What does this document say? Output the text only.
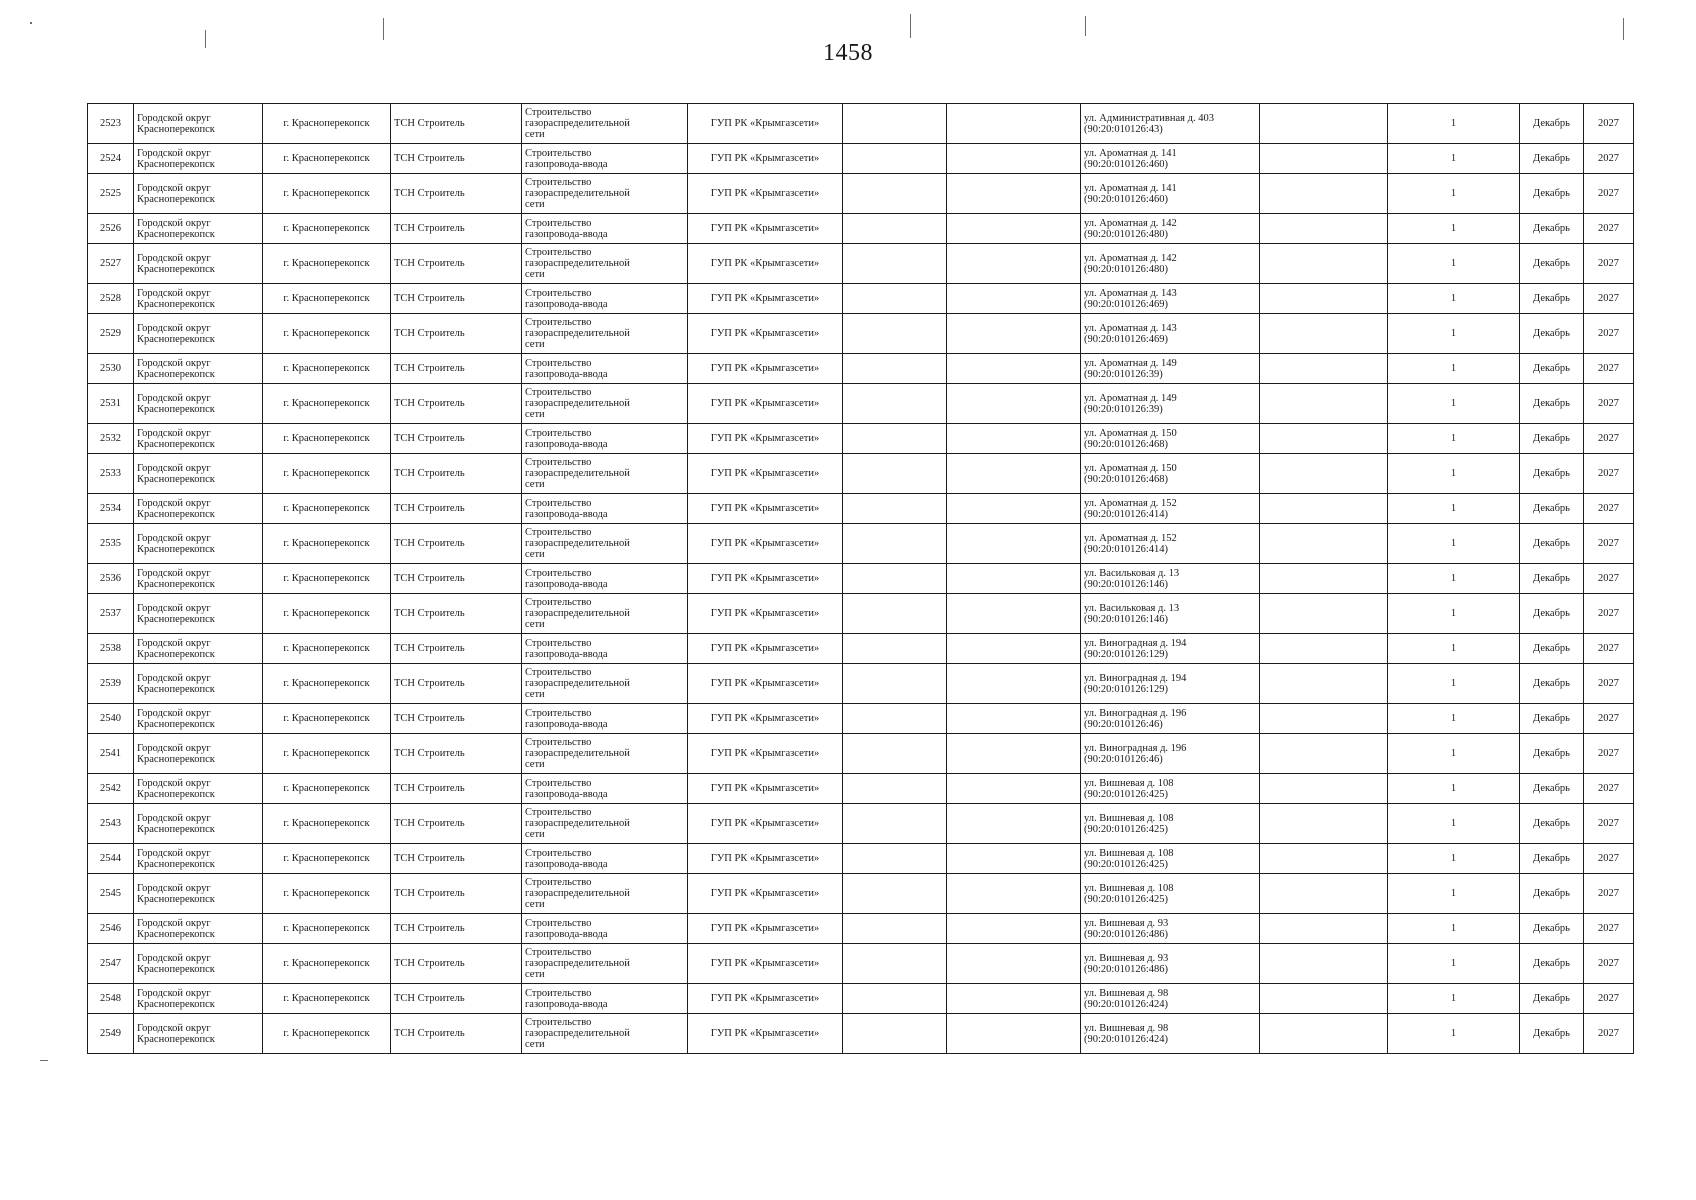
1458
2523	Городской округ
Красноперекопск	г. Красноперекопск	ТСН Строитель	Строительство
газораспределительной
сети	ГУП РК «Крымгазсети»			ул. Административная д. 403
(90:20:010126:43)		1	Декабрь	2027
2524	Городской округ
Красноперекопск	г. Красноперекопск	ТСН Строитель	Строительство
газопровода-ввода	ГУП РК «Крымгазсети»			ул. Ароматная д. 141
(90:20:010126:460)		1	Декабрь	2027
2525	Городской округ
Красноперекопск	г. Красноперекопск	ТСН Строитель	Строительство
газораспределительной
сети	ГУП РК «Крымгазсети»			ул. Ароматная д. 141
(90:20:010126:460)		1	Декабрь	2027
2526	Городской округ
Красноперекопск	г. Красноперекопск	ТСН Строитель	Строительство
газопровода-ввода	ГУП РК «Крымгазсети»			ул. Ароматная д. 142
(90:20:010126:480)		1	Декабрь	2027
2527	Городской округ
Красноперекопск	г. Красноперекопск	ТСН Строитель	Строительство
газораспределительной
сети	ГУП РК «Крымгазсети»			ул. Ароматная д. 142
(90:20:010126:480)		1	Декабрь	2027
2528	Городской округ
Красноперекопск	г. Красноперекопск	ТСН Строитель	Строительство
газопровода-ввода	ГУП РК «Крымгазсети»			ул. Ароматная д. 143
(90:20:010126:469)		1	Декабрь	2027
2529	Городской округ
Красноперекопск	г. Красноперекопск	ТСН Строитель	Строительство
газораспределительной
сети	ГУП РК «Крымгазсети»			ул. Ароматная д. 143
(90:20:010126:469)		1	Декабрь	2027
2530	Городской округ
Красноперекопск	г. Красноперекопск	ТСН Строитель	Строительство
газопровода-ввода	ГУП РК «Крымгазсети»			ул. Ароматная д. 149
(90:20:010126:39)		1	Декабрь	2027
2531	Городской округ
Красноперекопск	г. Красноперекопск	ТСН Строитель	Строительство
газораспределительной
сети	ГУП РК «Крымгазсети»			ул. Ароматная д. 149
(90:20:010126:39)		1	Декабрь	2027
2532	Городской округ
Красноперекопск	г. Красноперекопск	ТСН Строитель	Строительство
газопровода-ввода	ГУП РК «Крымгазсети»			ул. Ароматная д. 150
(90:20:010126:468)		1	Декабрь	2027
2533	Городской округ
Красноперекопск	г. Красноперекопск	ТСН Строитель	Строительство
газораспределительной
сети	ГУП РК «Крымгазсети»			ул. Ароматная д. 150
(90:20:010126:468)		1	Декабрь	2027
2534	Городской округ
Красноперекопск	г. Красноперекопск	ТСН Строитель	Строительство
газопровода-ввода	ГУП РК «Крымгазсети»			ул. Ароматная д. 152
(90:20:010126:414)		1	Декабрь	2027
2535	Городской округ
Красноперекопск	г. Красноперекопск	ТСН Строитель	Строительство
газораспределительной
сети	ГУП РК «Крымгазсети»			ул. Ароматная д. 152
(90:20:010126:414)		1	Декабрь	2027
2536	Городской округ
Красноперекопск	г. Красноперекопск	ТСН Строитель	Строительство
газопровода-ввода	ГУП РК «Крымгазсети»			ул. Васильковая д. 13
(90:20:010126:146)		1	Декабрь	2027
2537	Городской округ
Красноперекопск	г. Красноперекопск	ТСН Строитель	Строительство
газораспределительной
сети	ГУП РК «Крымгазсети»			ул. Васильковая д. 13
(90:20:010126:146)		1	Декабрь	2027
2538	Городской округ
Красноперекопск	г. Красноперекопск	ТСН Строитель	Строительство
газопровода-ввода	ГУП РК «Крымгазсети»			ул. Виноградная д. 194
(90:20:010126:129)		1	Декабрь	2027
2539	Городской округ
Красноперекопск	г. Красноперекопск	ТСН Строитель	Строительство
газораспределительной
сети	ГУП РК «Крымгазсети»			ул. Виноградная д. 194
(90:20:010126:129)		1	Декабрь	2027
2540	Городской округ
Красноперекопск	г. Красноперекопск	ТСН Строитель	Строительство
газопровода-ввода	ГУП РК «Крымгазсети»			ул. Виноградная д. 196
(90:20:010126:46)		1	Декабрь	2027
2541	Городской округ
Красноперекопск	г. Красноперекопск	ТСН Строитель	Строительство
газораспределительной
сети	ГУП РК «Крымгазсети»			ул. Виноградная д. 196
(90:20:010126:46)		1	Декабрь	2027
2542	Городской округ
Красноперекопск	г. Красноперекопск	ТСН Строитель	Строительство
газопровода-ввода	ГУП РК «Крымгазсети»			ул. Вишневая д. 108
(90:20:010126:425)		1	Декабрь	2027
2543	Городской округ
Красноперекопск	г. Красноперекопск	ТСН Строитель	Строительство
газораспределительной
сети	ГУП РК «Крымгазсети»			ул. Вишневая д. 108
(90:20:010126:425)		1	Декабрь	2027
2544	Городской округ
Красноперекопск	г. Красноперекопск	ТСН Строитель	Строительство
газопровода-ввода	ГУП РК «Крымгазсети»			ул. Вишневая д. 108
(90:20:010126:425)		1	Декабрь	2027
2545	Городской округ
Красноперекопск	г. Красноперекопск	ТСН Строитель	Строительство
газораспределительной
сети	ГУП РК «Крымгазсети»			ул. Вишневая д. 108
(90:20:010126:425)		1	Декабрь	2027
2546	Городской округ
Красноперекопск	г. Красноперекопск	ТСН Строитель	Строительство
газопровода-ввода	ГУП РК «Крымгазсети»			ул. Вишневая д. 93
(90:20:010126:486)		1	Декабрь	2027
2547	Городской округ
Красноперекопск	г. Красноперекопск	ТСН Строитель	Строительство
газораспределительной
сети	ГУП РК «Крымгазсети»			ул. Вишневая д. 93
(90:20:010126:486)		1	Декабрь	2027
2548	Городской округ
Красноперекопск	г. Красноперекопск	ТСН Строитель	Строительство
газопровода-ввода	ГУП РК «Крымгазсети»			ул. Вишневая д. 98
(90:20:010126:424)		1	Декабрь	2027
2549	Городской округ
Красноперекопск	г. Красноперекопск	ТСН Строитель	Строительство
газораспределительной
сети	ГУП РК «Крымгазсети»			ул. Вишневая д. 98
(90:20:010126:424)		1	Декабрь	2027
